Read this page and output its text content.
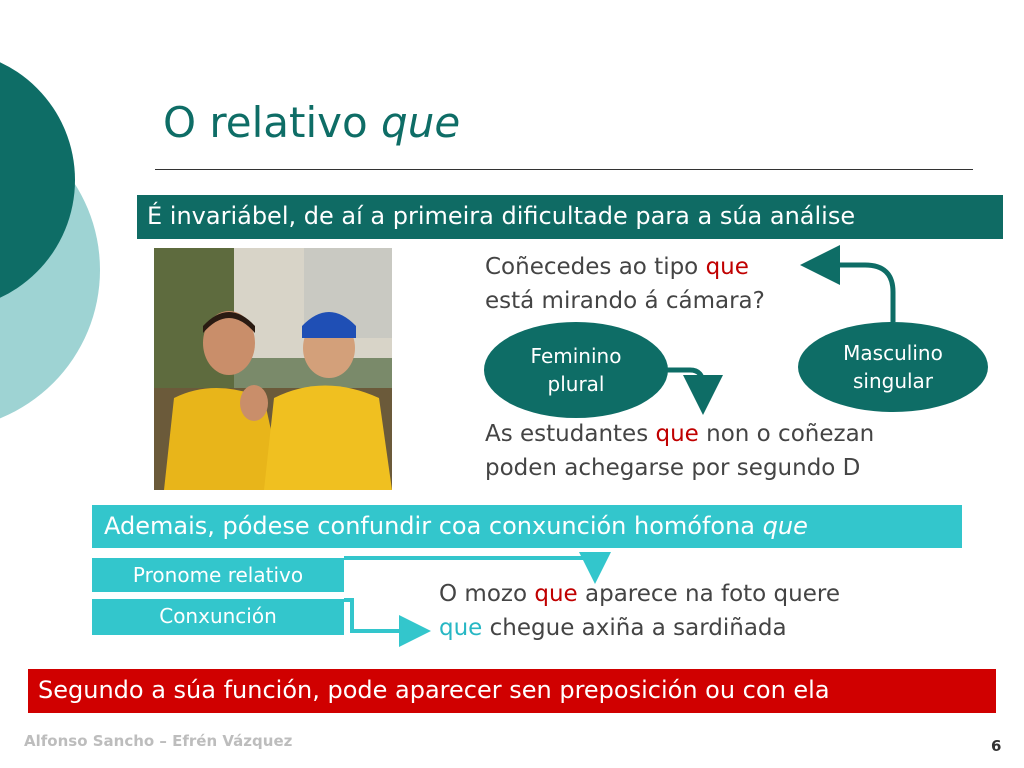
O relativo que
É invariábel, de aí a primeira dificultade para a súa análise
Coñecedes ao tipo que
está mirando á cámara?
Feminino
plural
Masculino
singular
As estudantes que non o coñezan
poden achegarse por segundo D
Ademais, pódese confundir coa conxunción homófona que
Pronome relativo
Conxunción
O mozo que aparece na foto quere
que chegue axiña a sardiñada
Segundo a súa función, pode aparecer sen preposición ou con ela
Alfonso Sancho – Efrén Vázquez	6
